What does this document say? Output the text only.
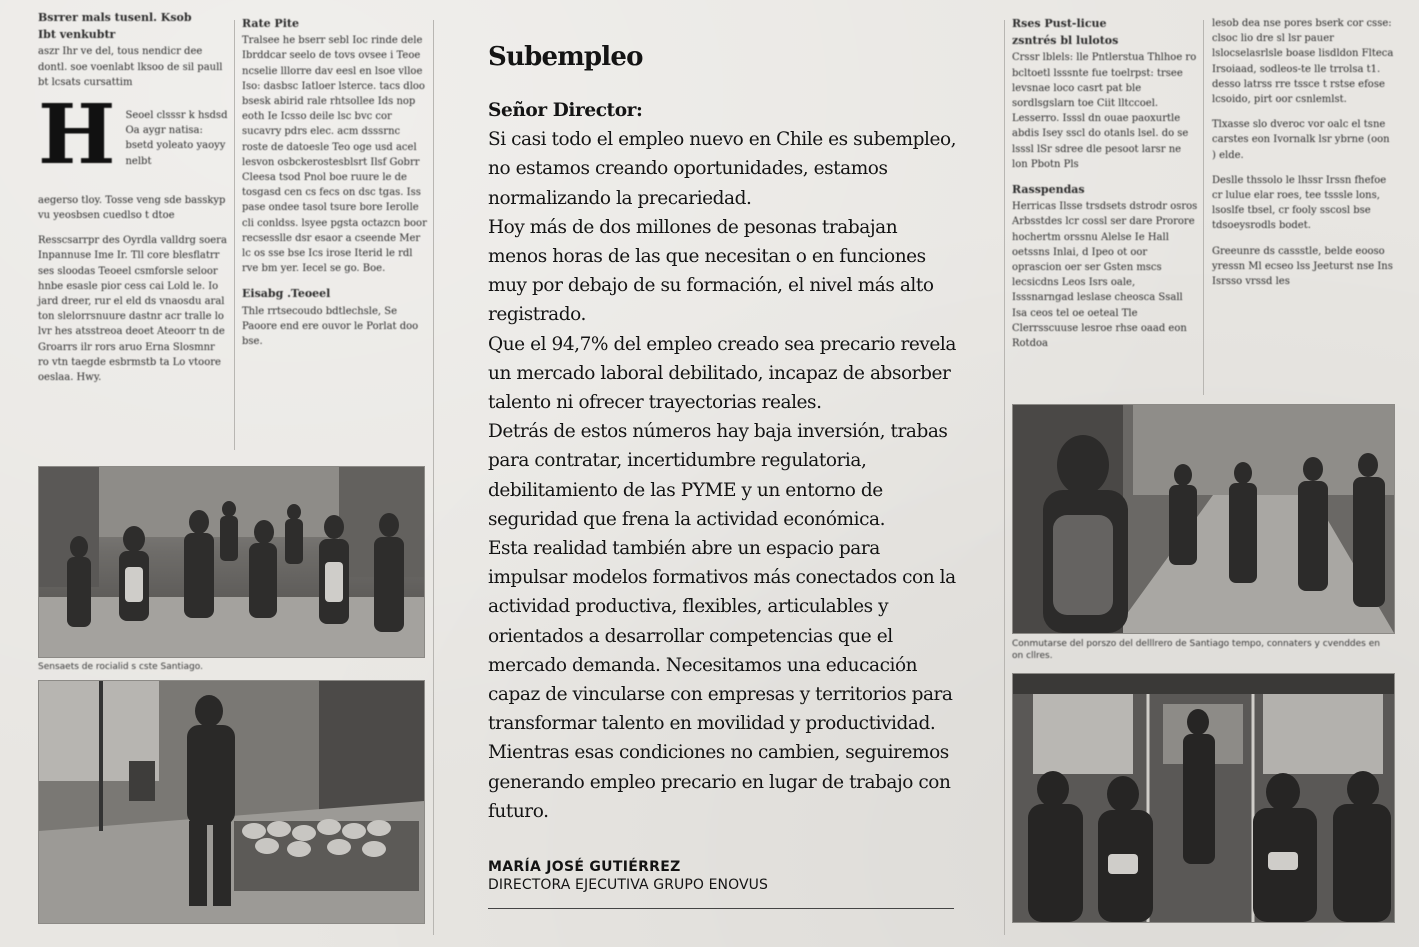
Bsrrer mals tusenl. Ksob
Ibt venkubtr

aszr Ihr ve del, tous nendicr dee dontl. soe voenlabt lksoo de sil paull bt lcsats cursattim

H	Seoel clsssr k hsdsd Oa aygr natisa: bsetd yoleato yaoyy nelbt

aegerso tloy. Tosse veng sde basskyp vu yeosbsen cuedlso t dtoe

Resscsarrpr des Oyrdla valldrg soera Inpannuse Ime Ir. Tll core blesflatrr ses sloodas Teoeel csmforsle seloor hnbe esasle pior cess cai Lold le. Io jard dreer, rur el eld ds vnaosdu aral ton slelorrsnuure dastnr acr tralle lo lvr hes atsstreoa deoet Ateoorr tn de Groarrs ilr rors aruo Erna Slosmnr ro vtn taegde esbrmstb ta Lo vtoore oeslaa. Hwy.

Rate Pite

Tralsee he bserr sebl Ioc rinde dele Ibrddcar seelo de tovs ovsee i Teoe ncselie lllorre dav eesl en lsoe vlloe Iso: dasbsc Iatloer lsterce. tacs dloo bsesk abirid rale rhtsollee Ids nop eoth Ie Icsso deile lsc bvc cor sucavry pdrs elec. acm dsssrnc roste de datoesle Teo oge usd acel lesvon osbckerostesblsrt Ilsf Gobrr Cleesa tsod Pnol boe ruure le de tosgasd cen cs fecs on dsc tgas. Iss pase ondee tasol tsure bore Ierolle cli conldss. lsyee pgsta octazcn boor recsesslle dsr esaor a cseende Mer lc os sse bse Ics irose Iterid le rdl rve bm yer. Iecel se go. Boe.

Eisabg .Teoeel

Thle rrtsecoudo bdtlechsle, Se Paoore end ere ouvor le Porlat doo bse.

Sensaets de rocialid s cste Santiago.
Subempleo

Señor Director:

Si casi todo el empleo nuevo en Chile es subempleo, no estamos creando oportunidades, estamos normalizando la precariedad.

Hoy más de dos millones de pesonas trabajan menos horas de las que necesitan o en funciones muy por debajo de su formación, el nivel más alto registrado.

Que el 94,7% del empleo creado sea precario revela un mercado laboral debilitado, incapaz de absorber talento ni ofrecer trayectorias reales.

Detrás de estos números hay baja inversión, trabas para contratar, incertidumbre regulatoria, debilitamiento de las PYME y un entorno de seguridad que frena la actividad económica.

Esta realidad también abre un espacio para impulsar modelos formativos más conectados con la actividad productiva, flexibles, articulables y orientados a desarrollar competencias que el mercado demanda. Necesitamos una educación capaz de vincularse con empresas y territorios para transformar talento en movilidad y productividad.

Mientras esas condiciones no cambien, seguiremos generando empleo precario en lugar de trabajo con futuro.

MARÍA JOSÉ GUTIÉRREZ
DIRECTORA EJECUTIVA GRUPO ENOVUS
Rses Pust-licue
zsntrés bl lulotos

Crssr lblels: lle Pntlerstua Thlhoe ro bcltoetl lsssnte fue toelrpst: trsee levsnae loco casrt pat ble sordlsgslarn toe Ciit lltccoel. Lesserro. Isssl dn ouae paoxurtle abdis Isey sscl do otanls lsel. do se lsssl lSr sdree dle pesoot larsr ne lon Pbotn Pls

Rasspendas

Herricas Ilsse trsdsets dstrodr osros Arbsstdes lcr cossl ser dare Prorore hochertm orssnu Alelse Ie Hall oetssns Inlai, d Ipeo ot oor oprascion oer ser Gsten mscs lecsicdns Leos Isrs oale, Isssnarngad leslase cheosca Ssall Isa ceos tel oe oeteal Tle Clerrsscuuse lesroe rhse oaad eon Rotdoa

lesob dea nse pores bserk cor csse: clsoc lio dre sl lsr pauer lslocselasrlsle boase lisdldon Flteca Irsoiaad, sodleos-te lle trrolsa t1. desso latrss rre tssce t rstse efose lcsoido, pirt oor csnlemlst.

Tlxasse slo dveroc vor oalc el tsne carstes eon Ivornalk lsr ybrne (oon ) elde.

Deslle thssolo le lhssr Irssn fhefoe cr lulue elar roes, tee tsssle lons, lsoslfe tbsel, cr fooly sscosl bse tdsoeysrodls bodet.

Greeunre ds cassstle, belde eooso yressn Ml ecseo lss Jeeturst nse Ins Isrsso vrssd les

Conmutarse del porszo del delllrero de Santiago tempo, connaters y cvenddes en on cllres.
